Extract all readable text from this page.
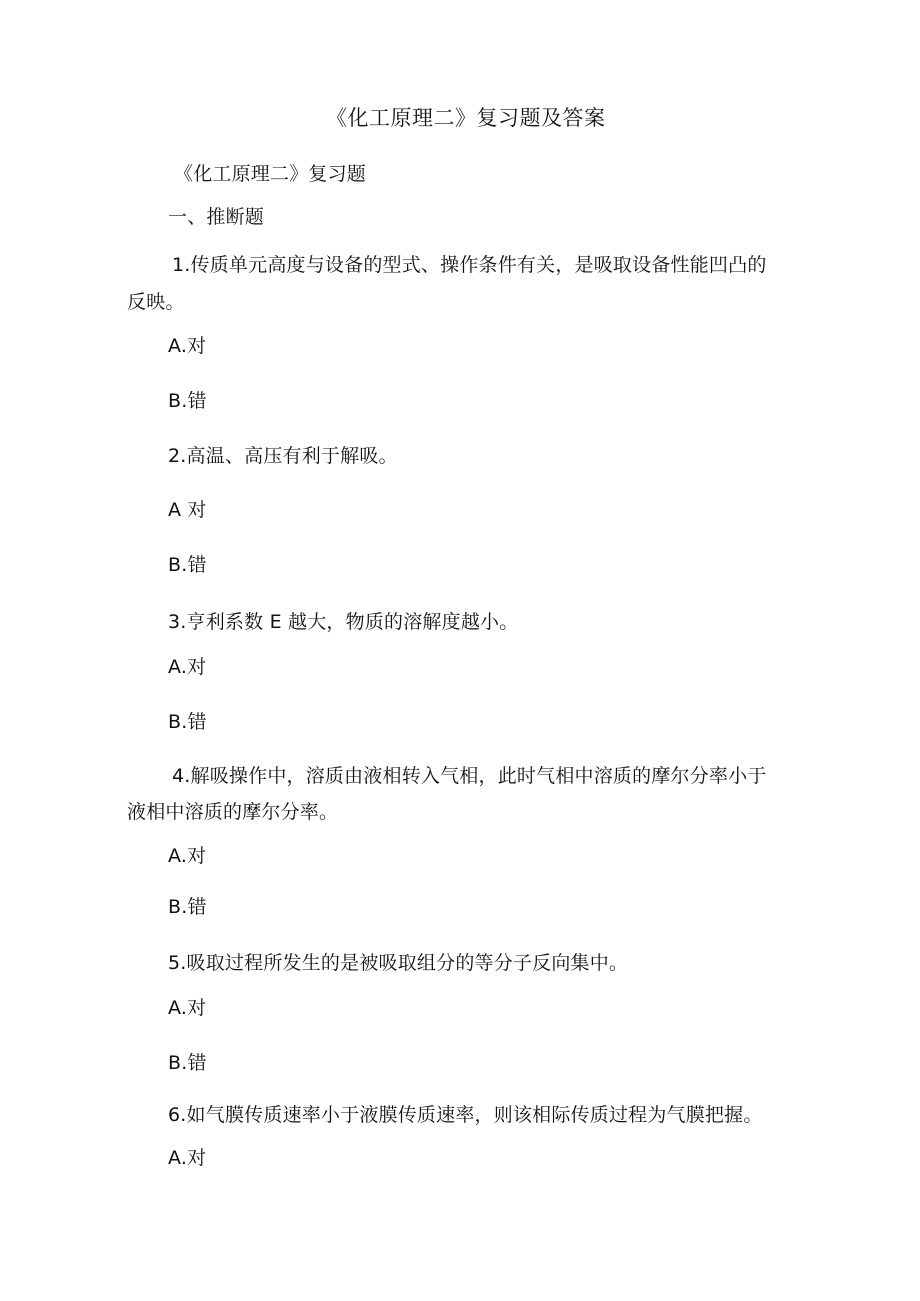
《化工原理二》复习题及答案
《化工原理二》复习题
一、推断题
1.传质单元高度与设备的型式、操作条件有关，是吸取设备性能凹凸的
反映。
A.对
B.错
2.高温、高压有利于解吸。
A 对
B.错
3.亨利系数 E 越大，物质的溶解度越小。
A.对
B.错
4.解吸操作中，溶质由液相转入气相，此时气相中溶质的摩尔分率小于
液相中溶质的摩尔分率。
A.对
B.错
5.吸取过程所发生的是被吸取组分的等分子反向集中。
A.对
B.错
6.如气膜传质速率小于液膜传质速率，则该相际传质过程为气膜把握。
A.对
